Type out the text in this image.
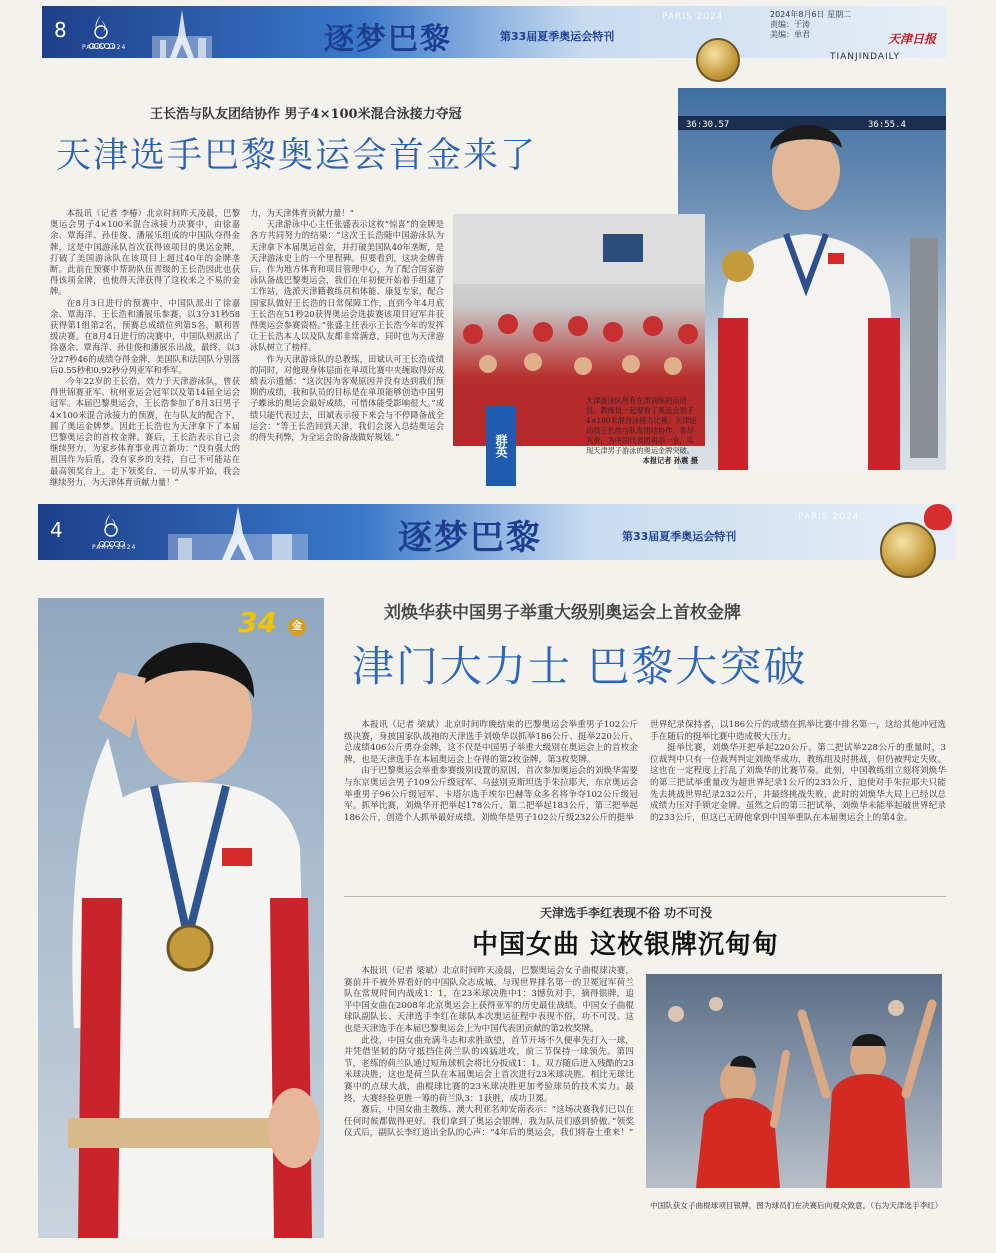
8
PARIS 2024	逐梦巴黎	第33届夏季奥运会特刊
PARIS 2024	2024年8月6日 星期二
责编：于涛
美编：单君	天津日报
TIANJINDAILY
王长浩与队友团结协作 男子4×100米混合泳接力夺冠
天津选手巴黎奥运会首金来了
36:30.57	36:55.4
天津游泳队所有在津训练的运动员、教练员一起观看了奥运会男子4×100米混合泳接力比赛。天津运动员王长浩与队友团结协作、各尽其责，为中国代表团再添一金，实现天津男子游泳的奥运金牌突破。
本报记者 孙震 摄
群英

本报讯（记者 李椿）北京时间昨天凌晨，巴黎奥运会男子4×100米混合泳接力决赛中，由徐嘉余、覃海洋、孙佳俊、潘展乐组成的中国队夺得金牌，这是中国游泳队首次获得该项目的奥运金牌，打破了美国游泳队在该项目上超过40年的金牌垄断。此前在预赛中帮助队伍晋级的王长浩因此也获得该项金牌，也使得天津获得了这枚来之不易的金牌。

在8月3日进行的预赛中，中国队派出了徐嘉余、覃海洋、王长浩和潘展乐参赛，以3分31秒58获得第1组第2名，预赛总成绩位列第5名，顺利晋级决赛。在8月4日进行的决赛中，中国队则派出了徐嘉余、覃海洋、孙佳俊和潘展乐出战，最终，以3分27秒46的成绩夺得金牌，美国队和法国队分别落后0.55秒和0.92秒分列亚军和季军。

今年22岁的王长浩，效力于天津游泳队，曾获得世锦赛亚军、杭州亚运会冠军以及第14届全运会冠军。本届巴黎奥运会，王长浩参加了8月3日男子4×100米混合泳接力的预赛，在与队友的配合下，圆了奥运金牌梦。因此王长浩也为天津拿下了本届巴黎奥运会的首枚金牌。赛后，王长浩表示自己会继续努力，为家乡体育事业再立新功：“没有强大的祖国作为后盾，没有家乡的支持，自己不可能站在最高领奖台上。走下领奖台，一切从零开始，我会继续努力，为天津体育贡献力量！”

力，为天津体育贡献力量！”

天津游泳中心主任张盛表示这枚“惊喜”的金牌是各方共同努力的结果：“这次王长浩随中国游泳队为天津拿下本届奥运首金，并打破美国队40年垄断，是天津游泳史上的一个里程碑。但要看到，这块金牌背后，作为地方体育和项目管理中心，为了配合国家游泳队备战巴黎奥运会，我们在年初便开始着手组建了工作站，选派天津籍教练员和体能、康复专家，配合国家队做好王长浩的日常保障工作，直到今年4月底王长浩在51秒20获得奥运会选拔赛该项目冠军并获得奥运会参赛资格。”张盛主任表示王长浩今年的发挥让王长浩本人以及队友都非常满意，同时也为天津游泳队树立了榜样。

作为天津游泳队的总教练，田斌认可王长浩成绩的同时，对他现身体层面在单项比赛中夹缠取得好成绩表示遗憾：“这次因为客观原因并没有达到我们预期的成绩，我和队员的目标是在单项能够创造中国男子蝶泳的奥运会最好成绩，可惜体能受影响很大。”成绩只能代表过去，田斌表示接下来会与不停降备战全运会：“等王长浩回到天津，我们会深入总结奥运会的得失利弊，为全运会的备战做好规划。”

4
PARIS 2024	逐梦巴黎	第33届夏季奥运会特刊
PARIS 2024
34	金
刘焕华获中国男子举重大级别奥运会上首枚金牌
津门大力士 巴黎大突破

本报讯（记者 梁斌）北京时间昨晚结束的巴黎奥运会举重男子102公斤级决赛，身披国家队战袍的天津选手刘焕华以抓举186公斤、挺举220公斤、总成绩406公斤勇夺金牌，这不仅是中国男子举重大级别在奥运会上的首枚金牌，也是天津选手在本届奥运会上夺得的第2枚金牌，第3枚奖牌。

由于巴黎奥运会举重参赛级别设置的原因，首次参加奥运会的刘焕华需要与东京奥运会男子109公斤级冠军、乌兹别克斯坦选手朱拉耶夫，东京奥运会举重男子96公斤级冠军、卡塔尔选手埃尔巴赫等众多名将争夺102公斤级冠军。抓举比赛，刘焕华开把举起178公斤，第二把举起183公斤，第三把举起186公斤，创造个人抓举最好成绩。刘焕华是男子102公斤级232公斤的挺举

世界纪录保持者，以186公斤的成绩在抓举比赛中排名第一，这给其他冲冠选手在随后的挺举比赛中造成极大压力。

挺举比赛，刘焕华开把举起220公斤。第二把试举228公斤的重量时，3位裁判中只有一位裁判判定刘焕华成功，教练组及时挑战，但仍被判定失败。这也在一定程度上打乱了刘焕华的比赛节奏。此刻，中国教练组立刻将刘焕华的第三把试举重量改为超世界纪录1公斤的233公斤，迫使对手朱拉耶夫只能先去挑战世界纪录232公斤，并最终挑战失败，此时的刘焕华大局上已经以总成绩力压对手锁定金牌。虽然之后的第三把试举，刘焕华未能举起破世界纪录的233公斤，但这已无碍他拿到中国举重队在本届奥运会上的第4金。

天津选手李红表现不俗 功不可没
中国女曲 这枚银牌沉甸甸

本报讯（记者 梁斌）北京时间昨天凌晨，巴黎奥运会女子曲棍球决赛，赛前并不被外界看好的中国队众志成城，与现世界排名第一的卫冕冠军荷兰队在常规时间内战成1：1，在23米球决胜中1：3憾负对手，摘得银牌，追平中国女曲在2008年北京奥运会上获得亚军的历史最佳战绩。中国女子曲棍球队副队长、天津选手李红在球队本次奥运征程中表现不俗，功不可没。这也是天津选手在本届巴黎奥运会上为中国代表团贡献的第2枚奖牌。

此役，中国女曲充满斗志和求胜欲望，首节开场不久便率先打入一球，并凭借坚韧的防守抵挡住荷兰队的凶猛进攻，前三节保持一球领先。第四节，老练的荷兰队通过短角球机会将比分扳成1：1。双方随后进入残酷的23米球决胜，这也是荷兰队在本届奥运会上首次进行23米球决胜。相比无球比赛中的点球大战，曲棍球比赛的23米球决胜更加考验球员的技术实力。最终，大赛经验更胜一筹的荷兰队3：1获胜，成功卫冕。

赛后，中国女曲主教练、澳大利亚名帅安南表示：“这场决赛我们已以在任何时候都做得更好。我们拿到了奥运会银牌，我为队员们感到骄傲。”领奖仪式后，副队长李红道出全队的心声：“4年后的奥运会，我们将卷土重来！”

中国队获女子曲棍球项目银牌，图为球员们在决赛后向观众致意。（右为天津选手李红）
